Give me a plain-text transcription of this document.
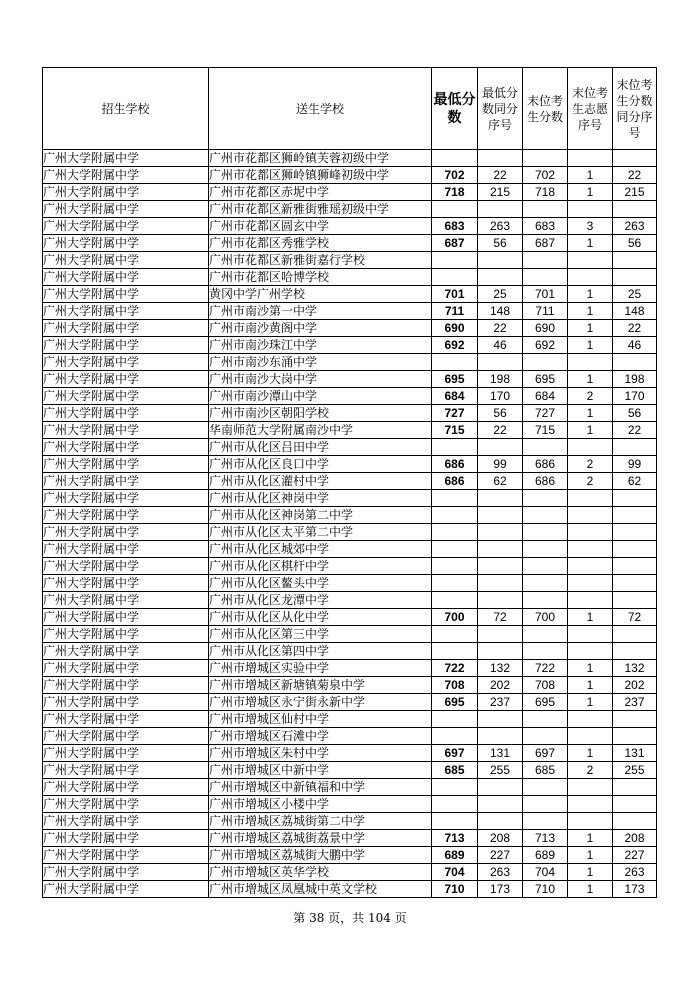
招生学校	送生学校	最低分数	最低分数同分序号	末位考生分数	末位考生志愿序号	末位考生分数同分序号
广州大学附属中学	广州市花都区狮岭镇芙蓉初级中学					
广州大学附属中学	广州市花都区狮岭镇狮峰初级中学	702	22	702	1	22
广州大学附属中学	广州市花都区赤坭中学	718	215	718	1	215
广州大学附属中学	广州市花都区新雅街雅瑶初级中学					
广州大学附属中学	广州市花都区圆玄中学	683	263	683	3	263
广州大学附属中学	广州市花都区秀雅学校	687	56	687	1	56
广州大学附属中学	广州市花都区新雅街嘉行学校					
广州大学附属中学	广州市花都区哈博学校					
广州大学附属中学	黄冈中学广州学校	701	25	701	1	25
广州大学附属中学	广州市南沙第一中学	711	148	711	1	148
广州大学附属中学	广州市南沙黄阁中学	690	22	690	1	22
广州大学附属中学	广州市南沙珠江中学	692	46	692	1	46
广州大学附属中学	广州市南沙东涌中学					
广州大学附属中学	广州市南沙大岗中学	695	198	695	1	198
广州大学附属中学	广州市南沙潭山中学	684	170	684	2	170
广州大学附属中学	广州市南沙区朝阳学校	727	56	727	1	56
广州大学附属中学	华南师范大学附属南沙中学	715	22	715	1	22
广州大学附属中学	广州市从化区吕田中学					
广州大学附属中学	广州市从化区良口中学	686	99	686	2	99
广州大学附属中学	广州市从化区灌村中学	686	62	686	2	62
广州大学附属中学	广州市从化区神岗中学					
广州大学附属中学	广州市从化区神岗第二中学					
广州大学附属中学	广州市从化区太平第二中学					
广州大学附属中学	广州市从化区城郊中学					
广州大学附属中学	广州市从化区棋杆中学					
广州大学附属中学	广州市从化区鳌头中学					
广州大学附属中学	广州市从化区龙潭中学					
广州大学附属中学	广州市从化区从化中学	700	72	700	1	72
广州大学附属中学	广州市从化区第三中学					
广州大学附属中学	广州市从化区第四中学					
广州大学附属中学	广州市增城区实验中学	722	132	722	1	132
广州大学附属中学	广州市增城区新塘镇菊泉中学	708	202	708	1	202
广州大学附属中学	广州市增城区永宁街永新中学	695	237	695	1	237
广州大学附属中学	广州市增城区仙村中学					
广州大学附属中学	广州市增城区石滩中学					
广州大学附属中学	广州市增城区朱村中学	697	131	697	1	131
广州大学附属中学	广州市增城区中新中学	685	255	685	2	255
广州大学附属中学	广州市增城区中新镇福和中学					
广州大学附属中学	广州市增城区小楼中学					
广州大学附属中学	广州市增城区荔城街第二中学					
广州大学附属中学	广州市增城区荔城街荔景中学	713	208	713	1	208
广州大学附属中学	广州市增城区荔城街大鹏中学	689	227	689	1	227
广州大学附属中学	广州市增城区英华学校	704	263	704	1	263
广州大学附属中学	广州市增城区凤凰城中英文学校	710	173	710	1	173
第 38 页，共 104 页
